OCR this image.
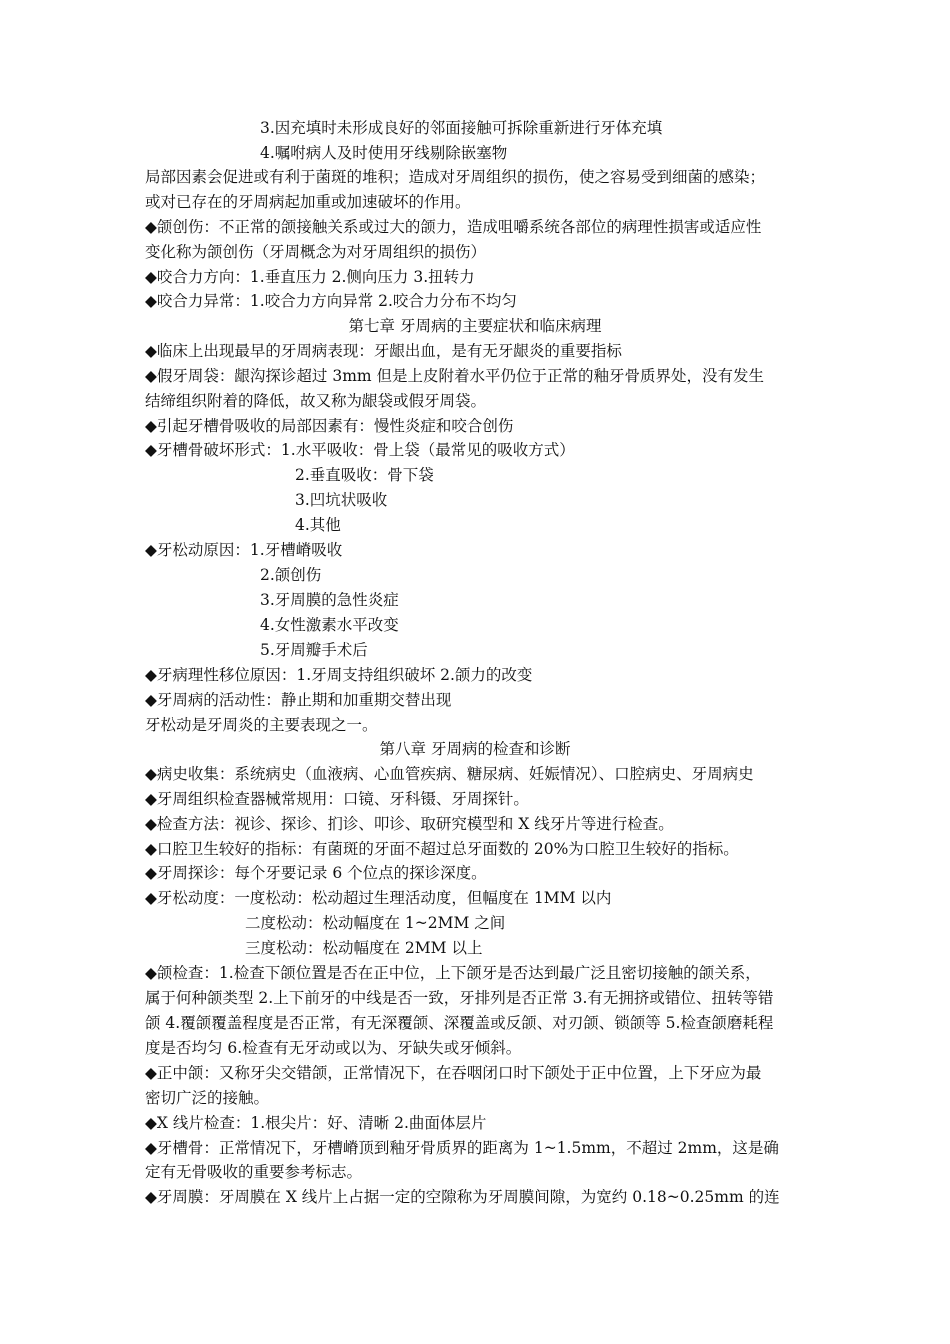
3.因充填时未形成良好的邻面接触可拆除重新进行牙体充填
4.嘱咐病人及时使用牙线剔除嵌塞物
局部因素会促进或有利于菌斑的堆积；造成对牙周组织的损伤，使之容易受到细菌的感染；
或对已存在的牙周病起加重或加速破坏的作用。
◆颌创伤：不正常的颌接触关系或过大的颌力，造成咀嚼系统各部位的病理性损害或适应性
变化称为颌创伤（牙周概念为对牙周组织的损伤）
◆咬合力方向：1.垂直压力 2.侧向压力 3.扭转力
◆咬合力异常：1.咬合力方向异常 2.咬合力分布不均匀
第七章 牙周病的主要症状和临床病理
◆临床上出现最早的牙周病表现：牙龈出血，是有无牙龈炎的重要指标
◆假牙周袋：龈沟探诊超过 3mm 但是上皮附着水平仍位于正常的釉牙骨质界处，没有发生
结缔组织附着的降低，故又称为龈袋或假牙周袋。
◆引起牙槽骨吸收的局部因素有：慢性炎症和咬合创伤
◆牙槽骨破坏形式：1.水平吸收：骨上袋（最常见的吸收方式）
2.垂直吸收：骨下袋
3.凹坑状吸收
4.其他
◆牙松动原因：1.牙槽嵴吸收
2.颌创伤
3.牙周膜的急性炎症
4.女性激素水平改变
5.牙周瓣手术后
◆牙病理性移位原因：1.牙周支持组织破坏 2.颌力的改变
◆牙周病的活动性：静止期和加重期交替出现
牙松动是牙周炎的主要表现之一。
第八章 牙周病的检查和诊断
◆病史收集：系统病史（血液病、心血管疾病、糖尿病、妊娠情况）、口腔病史、牙周病史
◆牙周组织检查器械常规用：口镜、牙科镊、牙周探针。
◆检查方法：视诊、探诊、扪诊、叩诊、取研究模型和 X 线牙片等进行检查。
◆口腔卫生较好的指标：有菌斑的牙面不超过总牙面数的 20%为口腔卫生较好的指标。
◆牙周探诊：每个牙要记录 6 个位点的探诊深度。
◆牙松动度：一度松动：松动超过生理活动度，但幅度在 1MM 以内
二度松动：松动幅度在 1~2MM 之间
三度松动：松动幅度在 2MM 以上
◆颌检查：1.检查下颌位置是否在正中位，上下颌牙是否达到最广泛且密切接触的颌关系，
属于何种颌类型 2.上下前牙的中线是否一致，牙排列是否正常 3.有无拥挤或错位、扭转等错
颌 4.覆颌覆盖程度是否正常，有无深覆颌、深覆盖或反颌、对刃颌、锁颌等 5.检查颌磨耗程
度是否均匀 6.检查有无牙动或以为、牙缺失或牙倾斜。
◆正中颌：又称牙尖交错颌，正常情况下，在吞咽闭口时下颌处于正中位置，上下牙应为最
密切广泛的接触。
◆X 线片检查：1.根尖片：好、清晰 2.曲面体层片
◆牙槽骨：正常情况下，牙槽嵴顶到釉牙骨质界的距离为 1~1.5mm，不超过 2mm，这是确
定有无骨吸收的重要参考标志。
◆牙周膜：牙周膜在 X 线片上占据一定的空隙称为牙周膜间隙，为宽约 0.18~0.25mm 的连
